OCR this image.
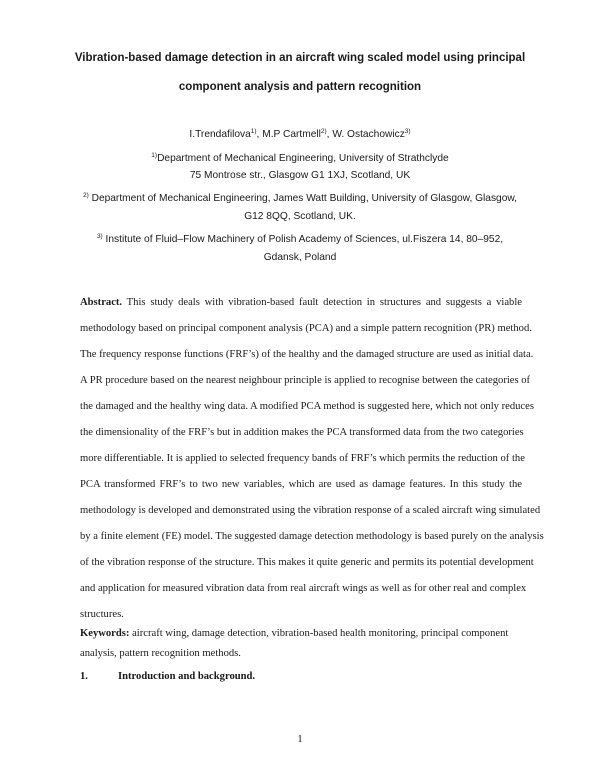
Vibration-based damage detection in an aircraft wing scaled model using principal
component analysis and pattern recognition
I.Trendafilova$^{1)}$, M.P Cartmell$^{2)}$, W. Ostachowicz$^{3)}$
$^{1)}$Department of Mechanical Engineering, University of Strathclyde
75 Montrose str., Glasgow G1 1XJ, Scotland, UK
$^{2)}$ Department of Mechanical Engineering, James Watt Building, University of Glasgow, Glasgow,
G12 8QQ, Scotland, UK.
$^{3)}$ Institute of Fluid–Flow Machinery of Polish Academy of Sciences, ul.Fiszera 14, 80–952,
Gdansk, Poland
Abstract. This study deals with vibration-based fault detection in structures and suggests a viable
methodology based on principal component analysis (PCA) and a simple pattern recognition (PR) method.
The frequency response functions (FRF’s) of the healthy and the damaged structure are used as initial data.
A PR procedure based on the nearest neighbour principle is applied to recognise between the categories of
the damaged and the healthy wing data. A modified PCA method is suggested here, which not only reduces
the dimensionality of the FRF’s but in addition makes the PCA transformed data from the two categories
more differentiable. It is applied to selected frequency bands of FRF’s which permits the reduction of the
PCA transformed FRF’s to two new variables, which are used as damage features. In this study the
methodology is developed and demonstrated using the vibration response of a scaled aircraft wing simulated
by a finite element (FE) model. The suggested damage detection methodology is based purely on the analysis
of the vibration response of the structure. This makes it quite generic and permits its potential development
and application for measured vibration data from real aircraft wings as well as for other real and complex
structures.
Keywords: aircraft wing, damage detection, vibration-based health monitoring, principal component
analysis, pattern recognition methods.
1.	Introduction and background.
1
